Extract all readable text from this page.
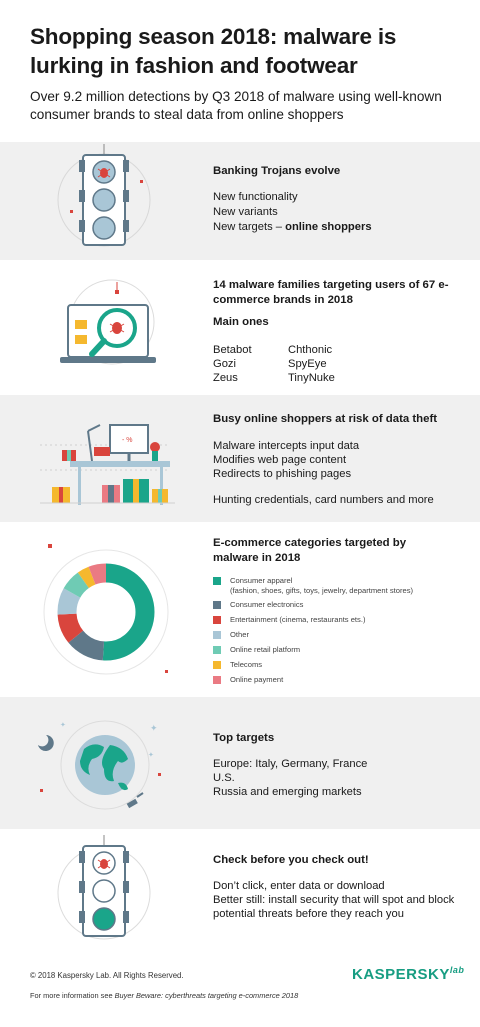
Shopping season 2018: malware is lurking in fashion and footwear
Over 9.2 million detections by Q3 2018 of malware using well-known consumer brands to steal data from online shoppers
Banking Trojans evolve
New functionality
New variants
New targets – online shoppers
14 malware families targeting users of 67 e-commerce brands in 2018
Main ones
Betabot
Gozi
Zeus
Chthonic
SpyEye
TinyNuke
- %
Busy online shoppers at risk of data theft
Malware intercepts input data
Modifies web page content
Redirects to phishing pages
Hunting credentials, card numbers and more
E-commerce categories targeted by malware in 2018
Consumer apparel
(fashion, shoes, gifts, toys, jewelry, department stores)
Consumer electronics
Entertainment (cinema, restaurants ets.)
Other
Online retail platform
Telecoms
Online payment
✦
✦
✦
Top targets
Europe: Italy, Germany, France
U.S.
Russia and emerging markets
Check before you check out!
Don’t click, enter data or download
Better still: install security that will spot and block potential threats before they reach you
© 2018 Kaspersky Lab. All Rights Reserved.
For more information see Buyer Beware: cyberthreats targeting e-commerce 2018
$KASPERSKY^{lab}$
